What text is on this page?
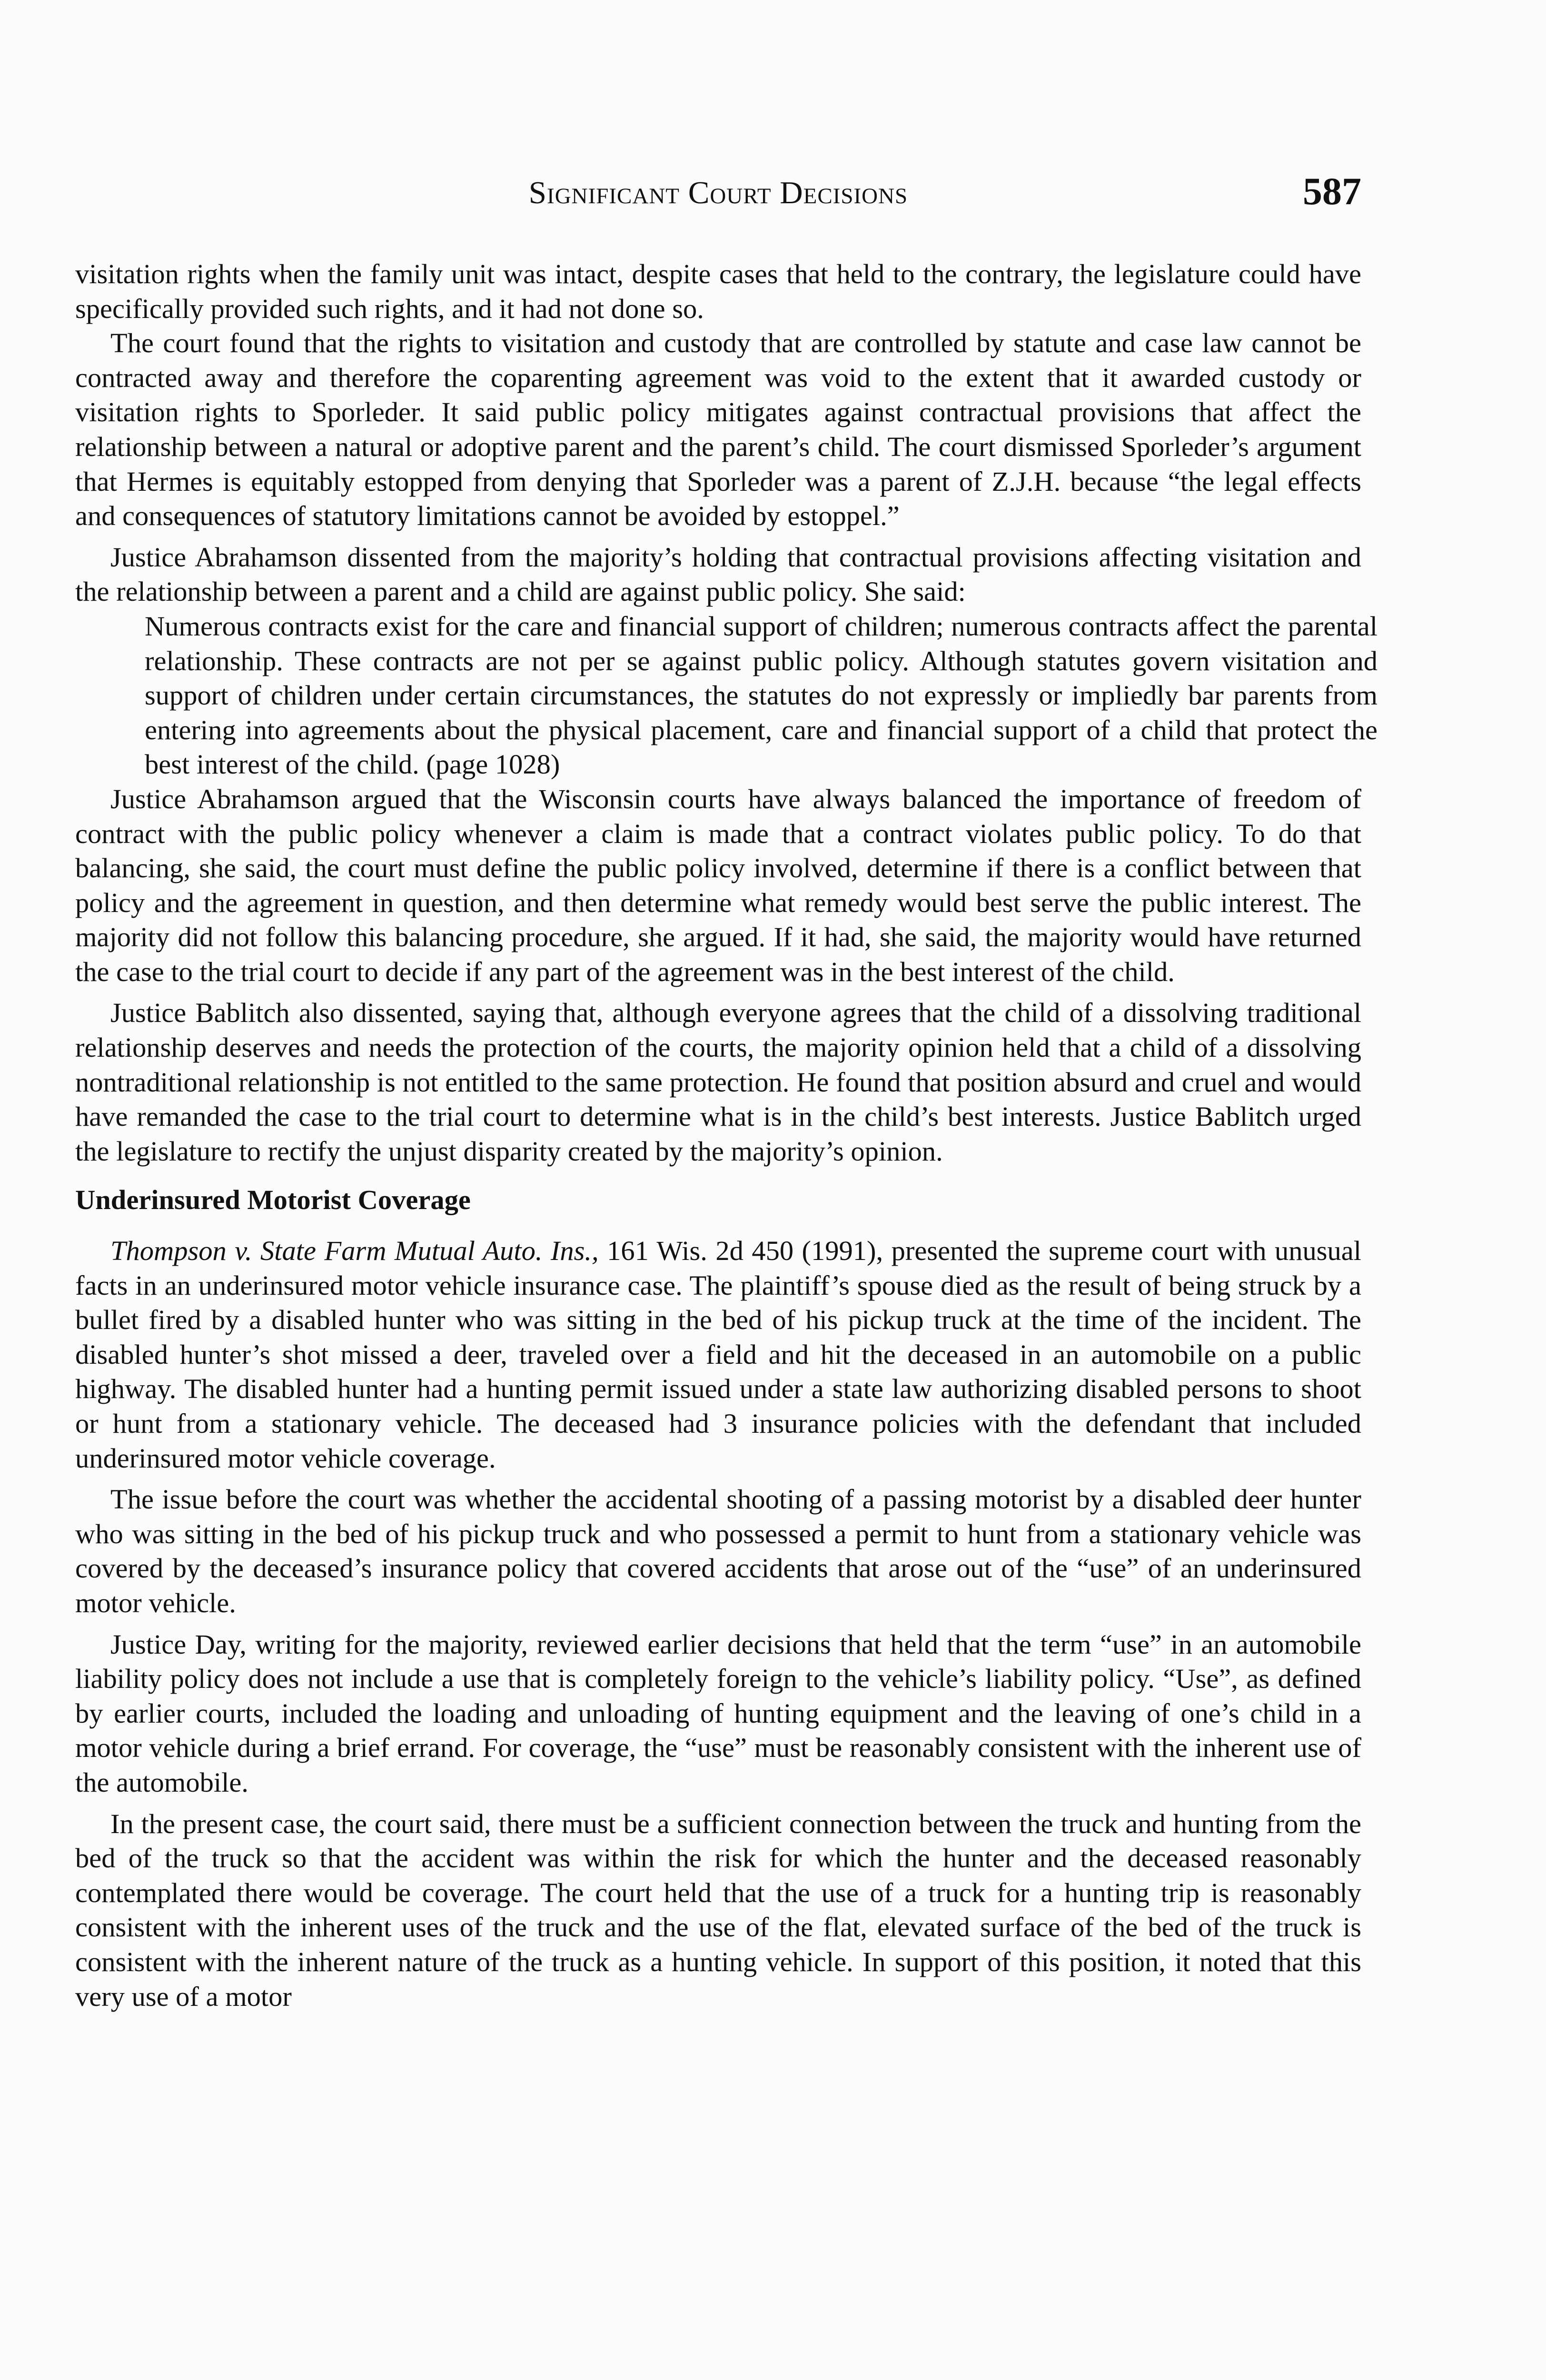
Significant Court Decisions	587

visitation rights when the family unit was intact, despite cases that held to the contrary, the legislature could have specifically provided such rights, and it had not done so.

The court found that the rights to visitation and custody that are controlled by statute and case law cannot be contracted away and therefore the coparenting agreement was void to the extent that it awarded custody or visitation rights to Sporleder. It said public policy mitigates against contractual provisions that affect the relationship between a natural or adoptive parent and the parent’s child. The court dismissed Sporleder’s argument that Hermes is equitably estopped from denying that Sporleder was a parent of Z.J.H. because “the legal effects and consequences of statutory limitations cannot be avoided by estoppel.”

Justice Abrahamson dissented from the majority’s holding that contractual provisions affecting visitation and the relationship between a parent and a child are against public policy. She said:

Numerous contracts exist for the care and financial support of children; numerous contracts affect the parental relationship. These contracts are not per se against public policy. Although statutes govern visitation and support of children under certain circumstances, the statutes do not expressly or impliedly bar parents from entering into agreements about the physical placement, care and financial support of a child that protect the best interest of the child. (page 1028)

Justice Abrahamson argued that the Wisconsin courts have always balanced the importance of freedom of contract with the public policy whenever a claim is made that a contract violates public policy. To do that balancing, she said, the court must define the public policy involved, determine if there is a conflict between that policy and the agreement in question, and then determine what remedy would best serve the public interest. The majority did not follow this balancing procedure, she argued. If it had, she said, the majority would have returned the case to the trial court to decide if any part of the agreement was in the best interest of the child.

Justice Bablitch also dissented, saying that, although everyone agrees that the child of a dissolving traditional relationship deserves and needs the protection of the courts, the majority opinion held that a child of a dissolving nontraditional relationship is not entitled to the same protection. He found that position absurd and cruel and would have remanded the case to the trial court to determine what is in the child’s best interests. Justice Bablitch urged the legislature to rectify the unjust disparity created by the majority’s opinion.

Underinsured Motorist Coverage

Thompson v. State Farm Mutual Auto. Ins., 161 Wis. 2d 450 (1991), presented the supreme court with unusual facts in an underinsured motor vehicle insurance case. The plaintiff’s spouse died as the result of being struck by a bullet fired by a disabled hunter who was sitting in the bed of his pickup truck at the time of the incident. The disabled hunter’s shot missed a deer, traveled over a field and hit the deceased in an automobile on a public highway. The disabled hunter had a hunting permit issued under a state law authorizing disabled persons to shoot or hunt from a stationary vehicle. The deceased had 3 insurance policies with the defendant that included underinsured motor vehicle coverage.

The issue before the court was whether the accidental shooting of a passing motorist by a disabled deer hunter who was sitting in the bed of his pickup truck and who possessed a permit to hunt from a stationary vehicle was covered by the deceased’s insurance policy that covered accidents that arose out of the “use” of an underinsured motor vehicle.

Justice Day, writing for the majority, reviewed earlier decisions that held that the term “use” in an automobile liability policy does not include a use that is completely foreign to the vehicle’s liability policy. “Use”, as defined by earlier courts, included the loading and unloading of hunting equipment and the leaving of one’s child in a motor vehicle during a brief errand. For coverage, the “use” must be reasonably consistent with the inherent use of the automobile.

In the present case, the court said, there must be a sufficient connection between the truck and hunting from the bed of the truck so that the accident was within the risk for which the hunter and the deceased reasonably contemplated there would be coverage. The court held that the use of a truck for a hunting trip is reasonably consistent with the inherent uses of the truck and the use of the flat, elevated surface of the bed of the truck is consistent with the inherent nature of the truck as a hunting vehicle. In support of this position, it noted that this very use of a motor
